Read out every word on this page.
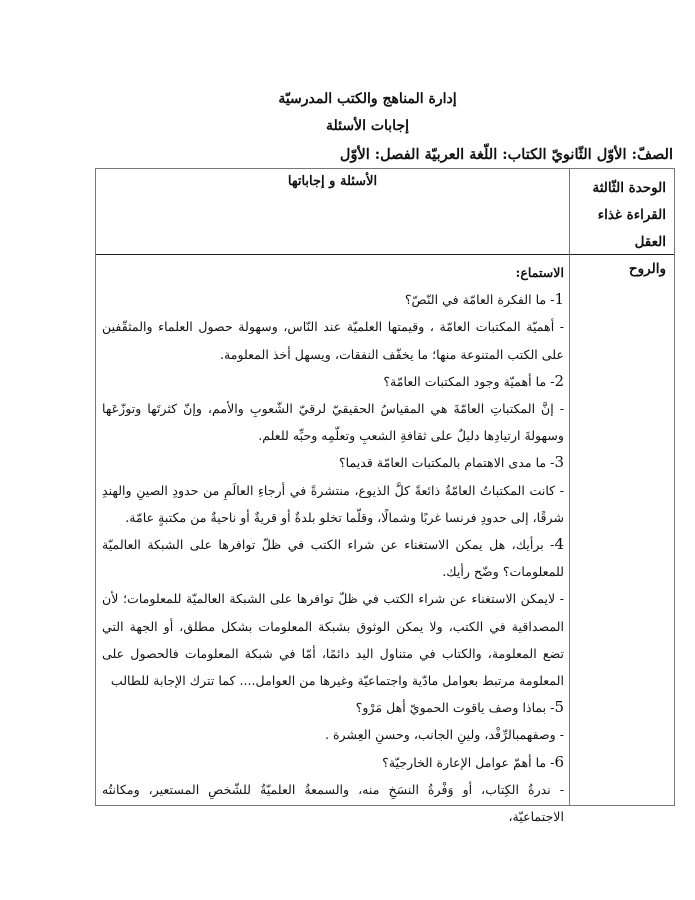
إدارة المناهج والكتب المدرسيّة
إجابات الأسئلة
الصفّ: الأوّل الثّانويّ الكتاب: اللّغة العربيّة الفصل: الأوّل
الوحدة الثّالثة
القراءة غذاء العقل
والروح
الأسئلة و إجاباتها

الاستماع:

1- ما الفكرة العامّة في النّصّ؟

- أهميّة المكتبات العامّة ، وقيمتها العلميّة عند النّاس، وسهولة حصول العلماء والمثقّفين على الكتب المتنوعة منها؛ ما يخفّف النفقات، ويسهل أخذ المعلومة.

2- ما أهميّة وجود المكتبات العامّة؟

- إنَّ المكتباتِ العامّةَ هي المقياسُ الحقيقيّ لرقيّ الشّعوبِ والأمم، وإنّ كثرتَها وتوزّعَها وسهولةَ ارتيادِها دليلٌ على ثقافةِ الشعبِ وتعلّمِه وحبِّه للعلم.

3- ما مدى الاهتمام بالمكتبات العامّة قديما؟

- كانت المكتباتُ العامّةُ ذائعةً كلَّ الذيوع، منتشرةً في أرجاءِ العالَمِ من حدودِ الصينِ والهندِ شرقًا، إلى حدودِ فرنسا غربًا وشمالًا، وقلّما تخلو بلدةٌ أو قريةٌ أو ناحيةٌ من مكتبةٍ عامّة.

4- برأيك، هل يمكن الاستغناء عن شراء الكتب في ظلّ توافرها على الشبكة العالميّة للمعلومات؟ وضّح رأيك.

- لايمكن الاستغناء عن شراء الكتب في ظلّ توافرها على الشبكة العالميّة للمعلومات؛ لأن المصداقية في الكتب، ولا يمكن الوثوق بشبكة المعلومات بشكل مطلق، أو الجهة التي تضع المعلومة، والكتاب في متناول اليد دائمًا، أمّا في شبكة المعلومات فالحصول على المعلومة مرتبط بعوامل مادّية واجتماعيّة وغيرها من العوامل.... كما تترك الإجابة للطالب

5- بماذا وصف ياقوت الحمويّ أهل مَرْو؟

- وصفهمبالرِّفْد، ولينِ الجانب، وحسنِ العِشرة .

6- ما أهمّ عوامل الإعارة الخارجيّة؟

- ندرةُ الكِتاب، أو وَفْرةُ النسَخِ منه، والسمعةُ العلميّةُ للشّخصِ المستعير، ومكانتُه الاجتماعيّة،
